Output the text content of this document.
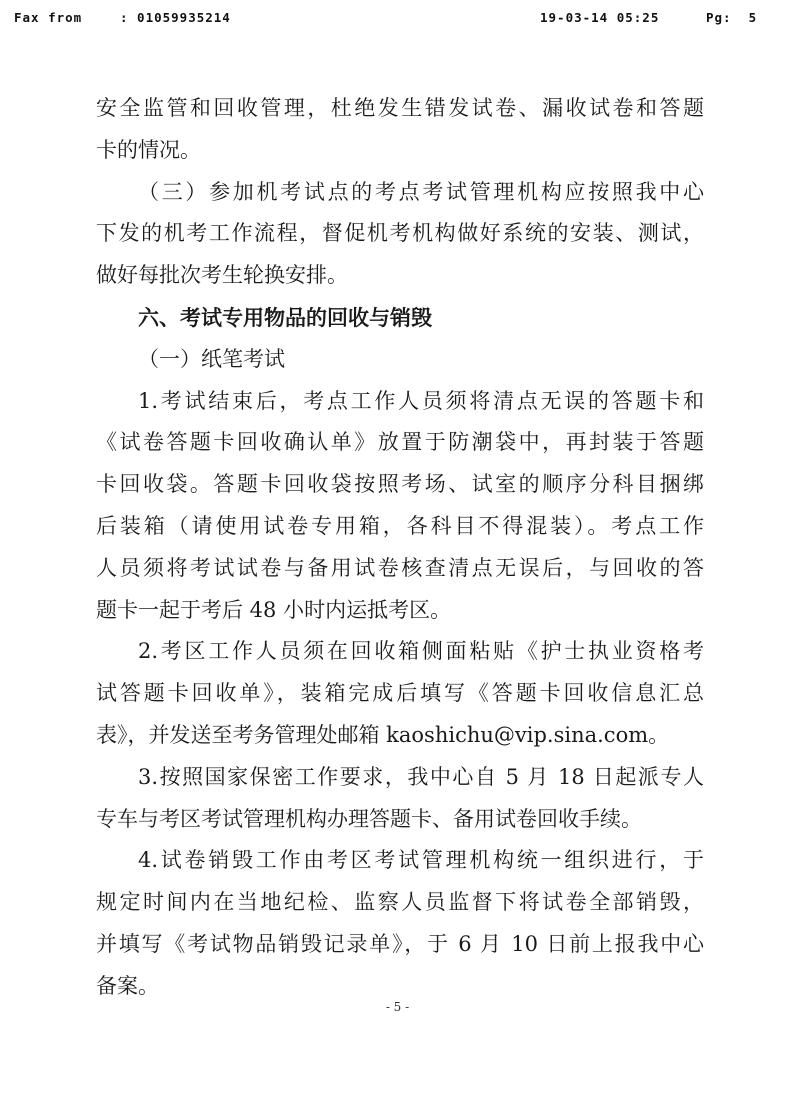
Fax from	: 01059935214	19-03-14 05:25	Pg:  5
安全监管和回收管理，杜绝发生错发试卷、漏收试卷和答题
卡的情况。
（三）参加机考试点的考点考试管理机构应按照我中心
下发的机考工作流程，督促机考机构做好系统的安装、测试，
做好每批次考生轮换安排。
六、考试专用物品的回收与销毁
（一）纸笔考试
1.考试结束后，考点工作人员须将清点无误的答题卡和
《试卷答题卡回收确认单》放置于防潮袋中，再封装于答题
卡回收袋。答题卡回收袋按照考场、试室的顺序分科目捆绑
后装箱（请使用试卷专用箱，各科目不得混装）。考点工作
人员须将考试试卷与备用试卷核查清点无误后，与回收的答
题卡一起于考后 48 小时内运抵考区。
2.考区工作人员须在回收箱侧面粘贴《护士执业资格考
试答题卡回收单》，装箱完成后填写《答题卡回收信息汇总
表》，并发送至考务管理处邮箱 kaoshichu@vip.sina.com。
3.按照国家保密工作要求，我中心自 5 月 18 日起派专人
专车与考区考试管理机构办理答题卡、备用试卷回收手续。
4.试卷销毁工作由考区考试管理机构统一组织进行，于
规定时间内在当地纪检、监察人员监督下将试卷全部销毁，
并填写《考试物品销毁记录单》，于 6 月 10 日前上报我中心
备案。
- 5 -
